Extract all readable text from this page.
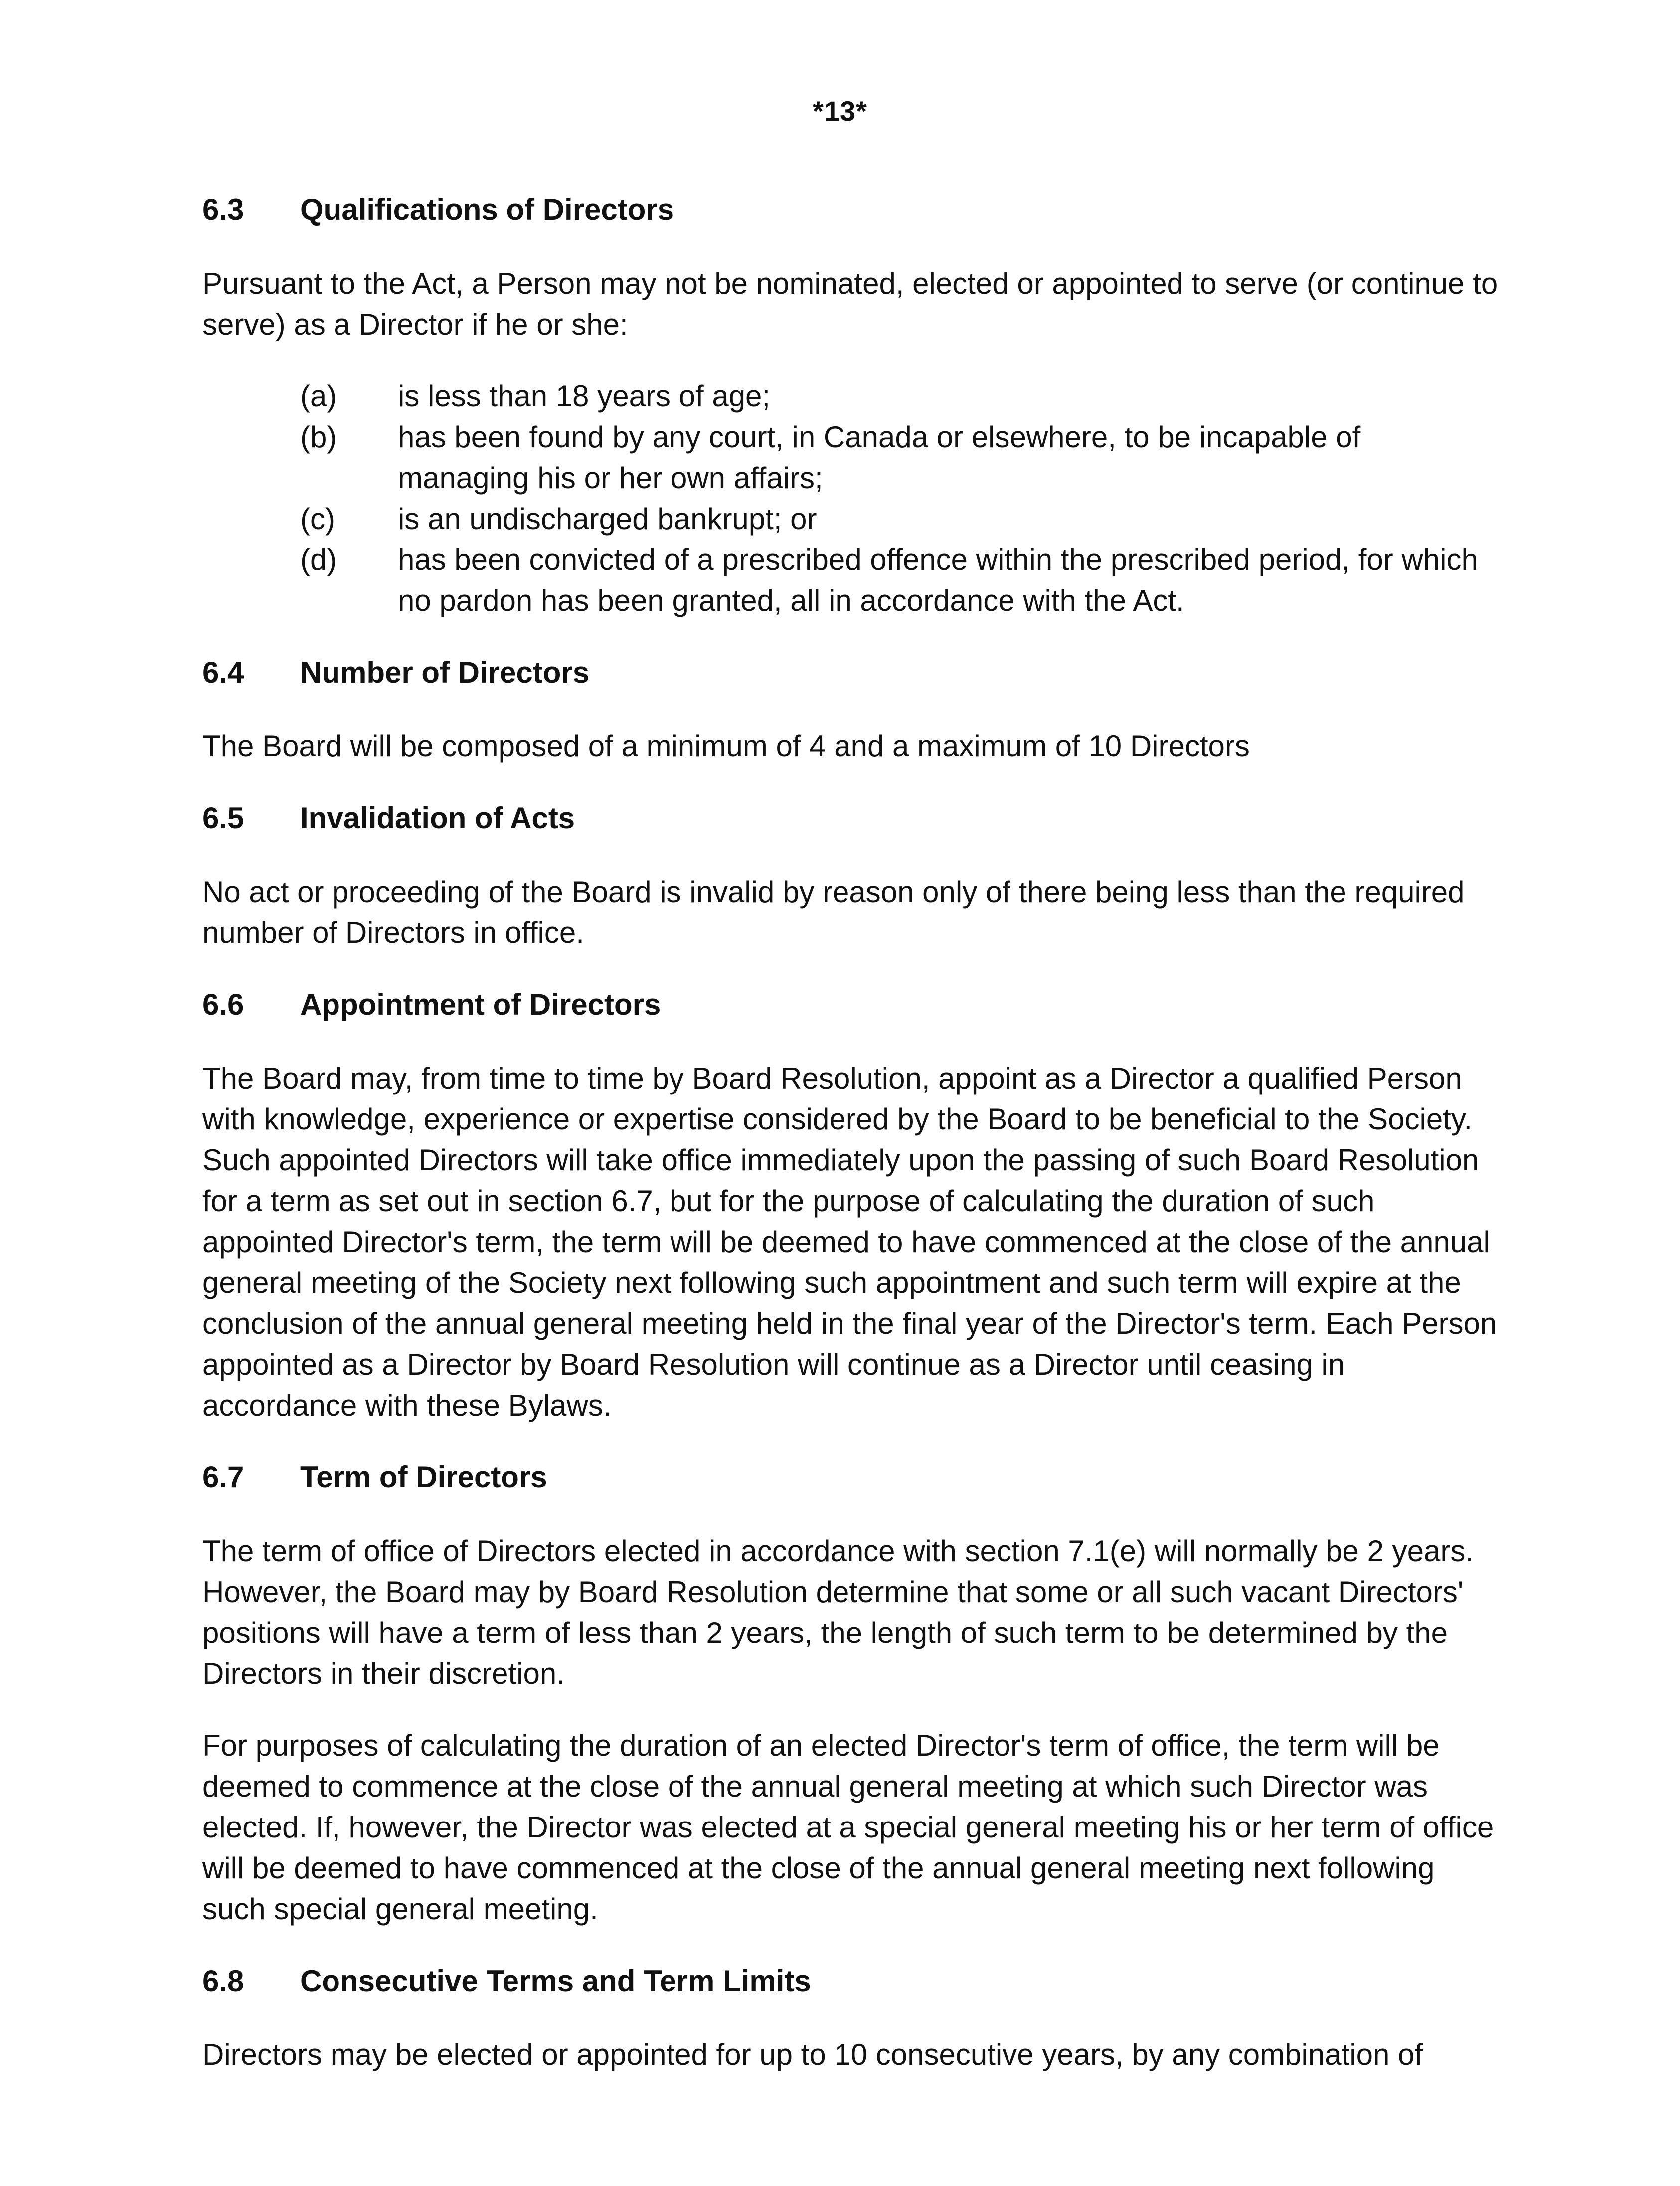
*13*
6.3	Qualifications of Directors

Pursuant to the Act, a Person may not be nominated, elected or appointed to serve (or continue to serve) as a Director if he or she:

(a)	is less than 18 years of age;
(b)	has been found by any court, in Canada or elsewhere, to be incapable of managing his or her own affairs;
(c)	is an undischarged bankrupt; or
(d)	has been convicted of a prescribed offence within the prescribed period, for which no pardon has been granted, all in accordance with the Act.
6.4	Number of Directors

The Board will be composed of a minimum of 4 and a maximum of 10 Directors

6.5	Invalidation of Acts

No act or proceeding of the Board is invalid by reason only of there being less than the required number of Directors in office.

6.6	Appointment of Directors

The Board may, from time to time by Board Resolution, appoint as a Director a qualified Person with knowledge, experience or expertise considered by the Board to be beneficial to the Society. Such appointed Directors will take office immediately upon the passing of such Board Resolution for a term as set out in section 6.7, but for the purpose of calculating the duration of such appointed Director's term, the term will be deemed to have commenced at the close of the annual general meeting of the Society next following such appointment and such term will expire at the conclusion of the annual general meeting held in the final year of the Director's term. Each Person appointed as a Director by Board Resolution will continue as a Director until ceasing in accordance with these Bylaws.

6.7	Term of Directors

The term of office of Directors elected in accordance with section 7.1(e) will normally be 2 years. However, the Board may by Board Resolution determine that some or all such vacant Directors' positions will have a term of less than 2 years, the length of such term to be determined by the Directors in their discretion.

For purposes of calculating the duration of an elected Director's term of office, the term will be deemed to commence at the close of the annual general meeting at which such Director was elected. If, however, the Director was elected at a special general meeting his or her term of office will be deemed to have commenced at the close of the annual general meeting next following such special general meeting.

6.8	Consecutive Terms and Term Limits

Directors may be elected or appointed for up to 10 consecutive years, by any combination of
